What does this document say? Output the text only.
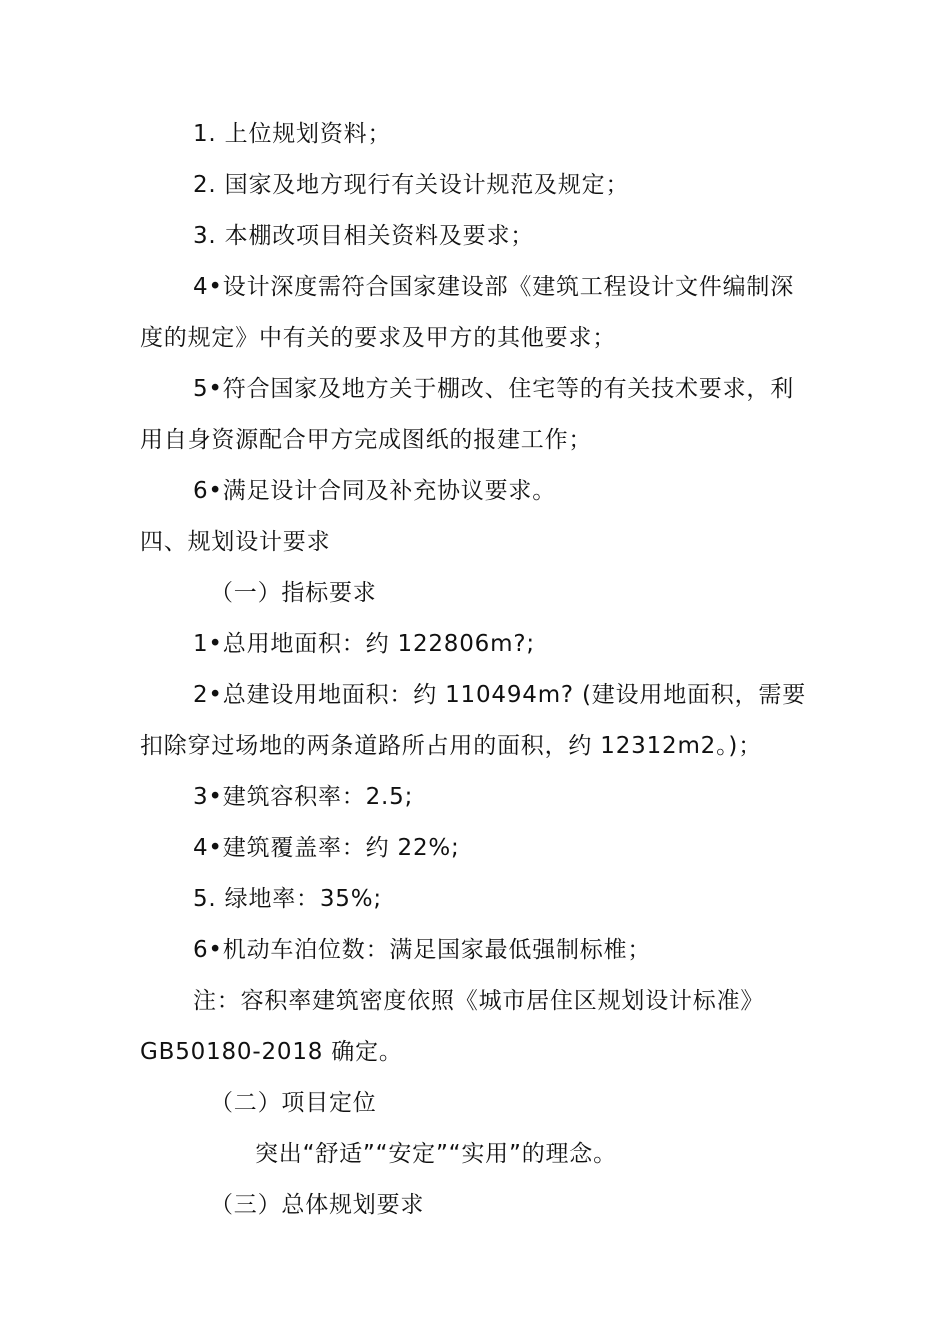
1. 上位规划资料；
2. 国家及地方现行有关设计规范及规定；
3. 本棚改项目相关资料及要求；
4•设计深度需符合国家建设部《建筑工程设计文件编制深
度的规定》中有关的要求及甲方的其他要求；
5•符合国家及地方关于棚改、住宅等的有关技术要求，利
用自身资源配合甲方完成图纸的报建工作；
6•满足设计合同及补充协议要求。
四、规划设计要求
（一）指标要求
1•总用地面积：约 122806m?;
2•总建设用地面积：约 110494m? (建设用地面积，需要
扣除穿过场地的两条道路所占用的面积，约 12312m2。)；
3•建筑容积率：2.5;
4•建筑覆盖率：约 22%;
5. 绿地率：35%;
6•机动车泊位数：满足国家最低强制标椎；
注：容积率建筑密度依照《城市居住区规划设计标准》
GB50180-2018 确定。
（二）项目定位
突出“舒适”“安定”“实用”的理念。
（三）总体规划要求
